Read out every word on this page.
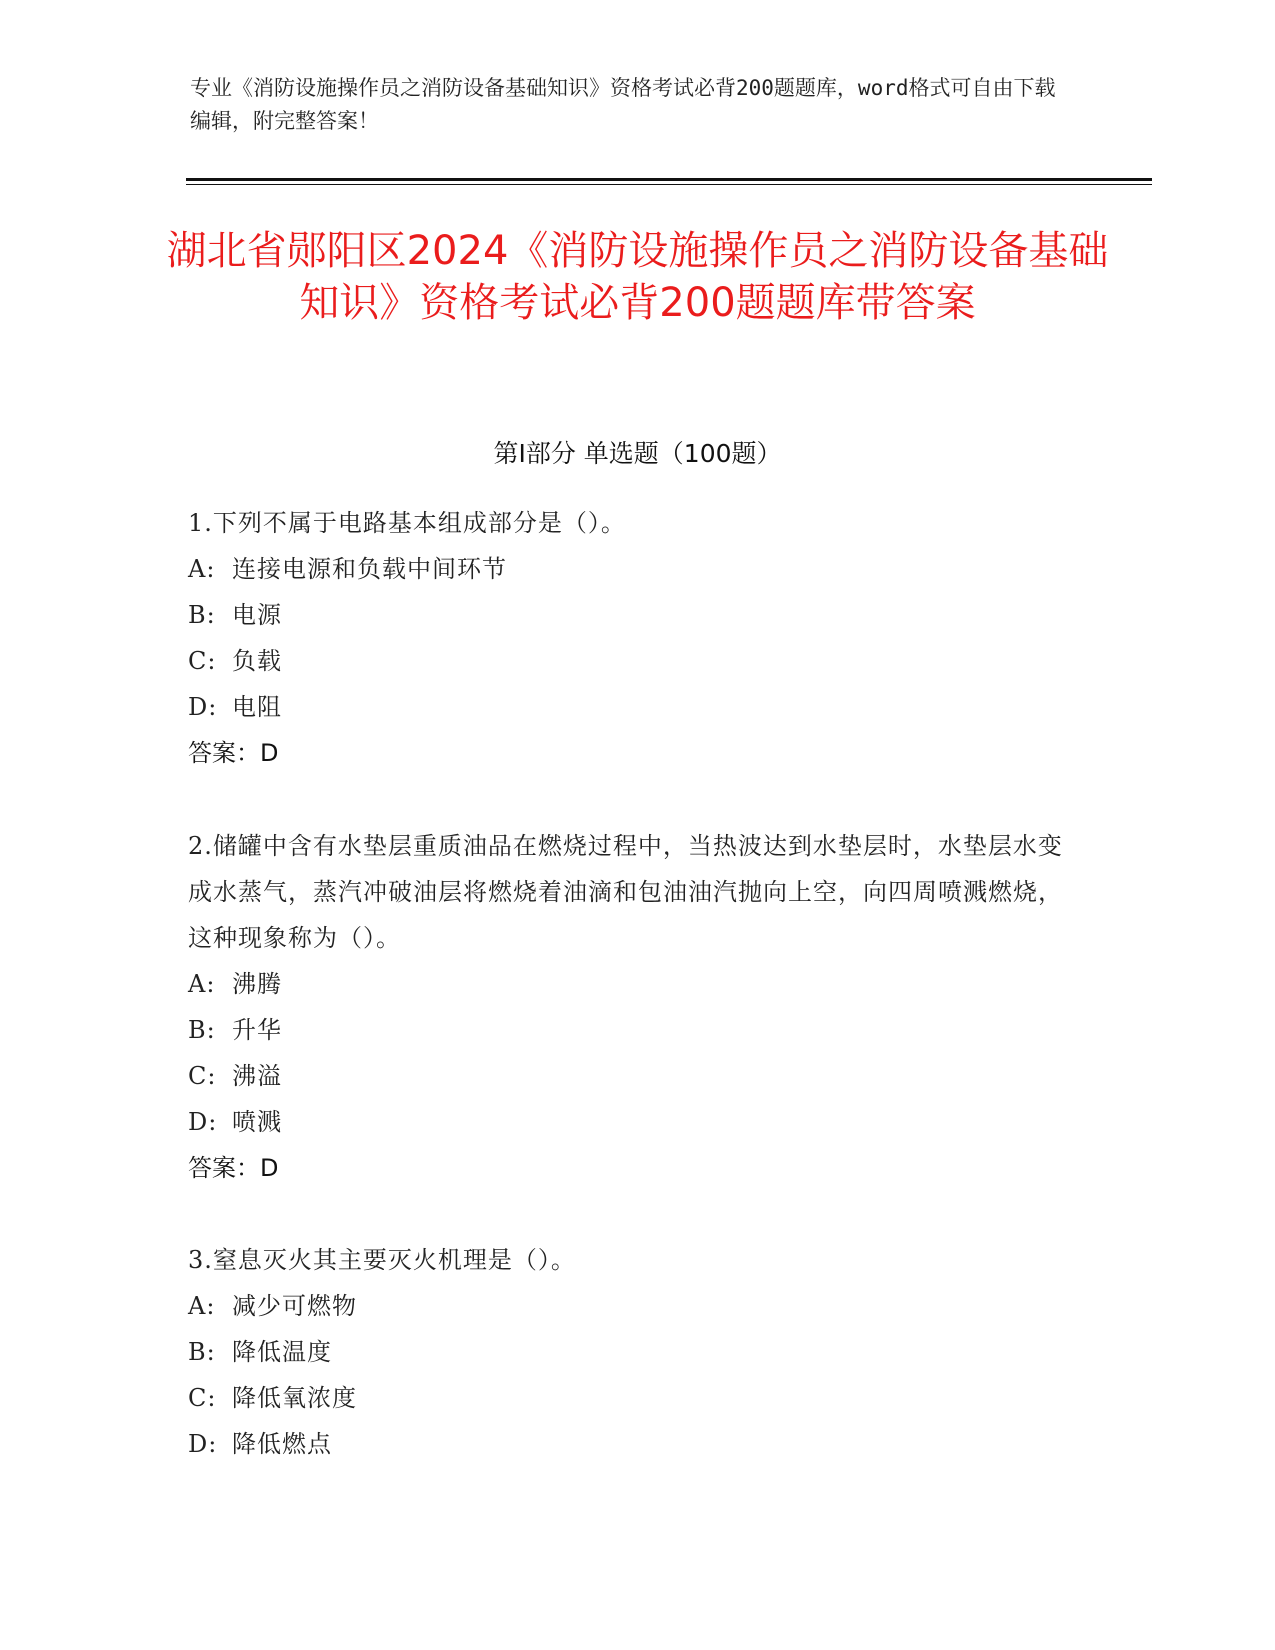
专业《消防设施操作员之消防设备基础知识》资格考试必背200题题库，word格式可自由下载编辑，附完整答案！
湖北省郧阳区2024《消防设施操作员之消防设备基础知识》资格考试必背200题题库带答案
第I部分 单选题（100题）
1.下列不属于电路基本组成部分是（）。
A: 连接电源和负载中间环节
B: 电源
C: 负载
D: 电阻
答案：D
2.储罐中含有水垫层重质油品在燃烧过程中，当热波达到水垫层时，水垫层水变成水蒸气，蒸汽冲破油层将燃烧着油滴和包油油汽抛向上空，向四周喷溅燃烧，这种现象称为（）。
A: 沸腾
B: 升华
C: 沸溢
D: 喷溅
答案：D
3.窒息灭火其主要灭火机理是（）。
A: 减少可燃物
B: 降低温度
C: 降低氧浓度
D: 降低燃点
